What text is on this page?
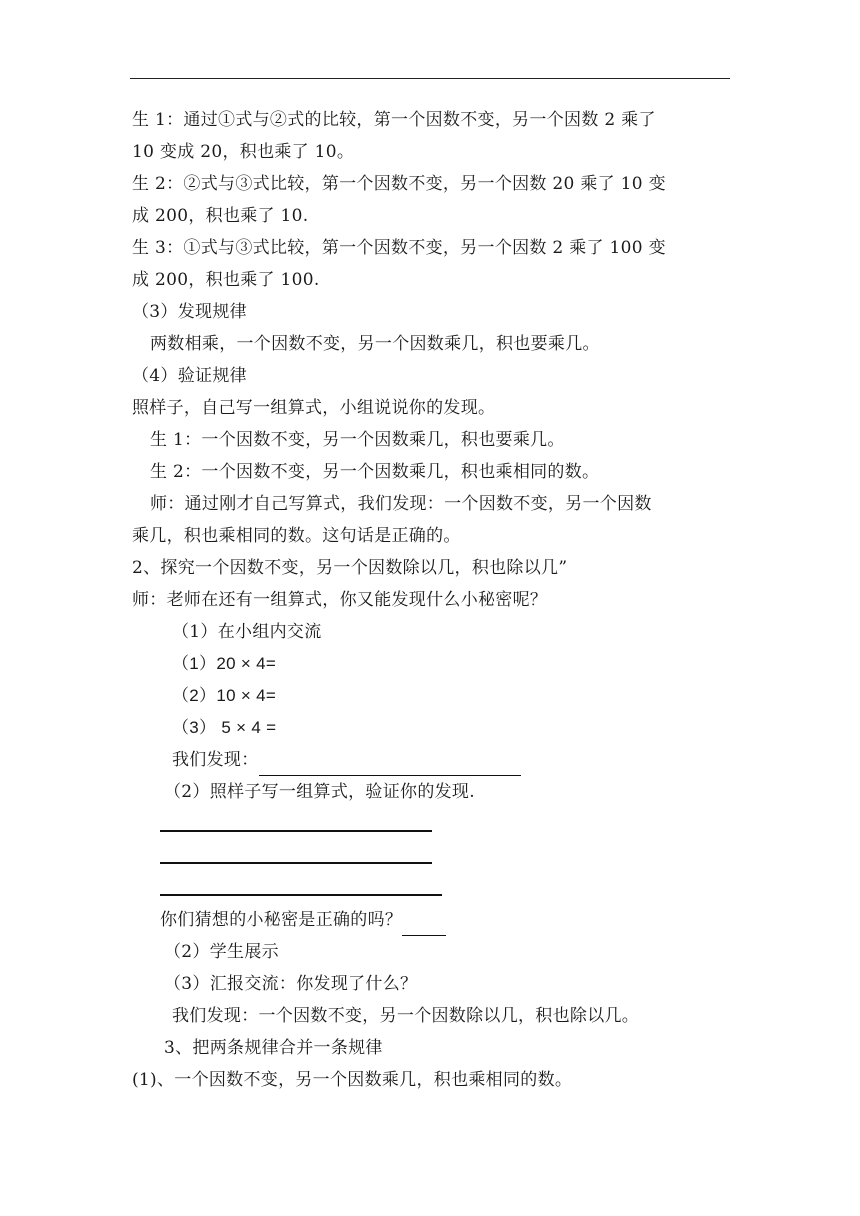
生 1：通过①式与②式的比较，第一个因数不变，另一个因数 2 乘了
10 变成 20，积也乘了 10。
生 2：②式与③式比较，第一个因数不变，另一个因数 20 乘了 10 变
成 200，积也乘了 10.
生 3：①式与③式比较，第一个因数不变，另一个因数 2 乘了 100 变
成 200，积也乘了 100.
（3）发现规律
两数相乘，一个因数不变，另一个因数乘几，积也要乘几。
（4）验证规律
照样子，自己写一组算式，小组说说你的发现。
生 1：一个因数不变，另一个因数乘几，积也要乘几。
生 2：一个因数不变，另一个因数乘几，积也乘相同的数。
师：通过刚才自己写算式，我们发现：一个因数不变，另一个因数
乘几，积也乘相同的数。这句话是正确的。
2、探究一个因数不变，另一个因数除以几，积也除以几”
师：老师在还有一组算式，你又能发现什么小秘密呢？
（1）在小组内交流
（1）20 × 4=
（2）10 × 4=
（3） 5 × 4 =
我们发现：
（2）照样子写一组算式，验证你的发现.
你们猜想的小秘密是正确的吗？
（2）学生展示
（3）汇报交流：你发现了什么？
我们发现：一个因数不变，另一个因数除以几，积也除以几。
3、把两条规律合并一条规律
(1)、一个因数不变，另一个因数乘几，积也乘相同的数。
